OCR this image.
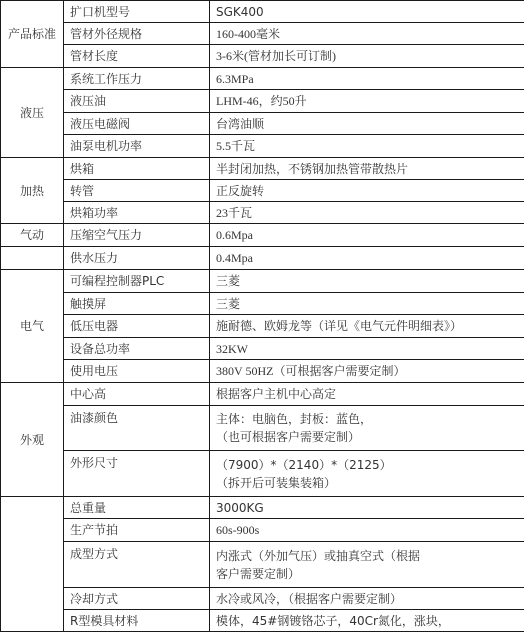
产品标准	扩口机型号	SGK400
	管材外径规格	160-400毫米
	管材长度	3-6米(管材加长可订制)
液压	系统工作压力	6.3MPa
	液压油	LHM-46，约50升
	液压电磁阀	台湾油顺
	油泵电机功率	5.5千瓦
加热	烘箱	半封闭加热，不锈钢加热管带散热片
	转管	正反旋转
	烘箱功率	23千瓦
气动	压缩空气压力	0.6Mpa
	供水压力	0.4Mpa
电气	可编程控制器PLC	三菱
	触摸屏	三菱
	低压电器	施耐德、欧姆龙等（详见《电气元件明细表》）
	设备总功率	32KW
	使用电压	380V 50HZ（可根据客户需要定制）
外观	中心高	根据客户主机中心高定
	油漆颜色	主体：电脑色，封板：蓝色，
（也可根据客户需要定制）
	外形尺寸	（7900）*（2140）*（2125）
（拆开后可装集装箱）
	总重量	3000KG
	生产节拍	60s-900s
	成型方式	内涨式（外加气压）或抽真空式（根据
客户需要定制）
	冷却方式	水冷或风冷，（根据客户需要定制）
	R型模具材料	模体，45#钢镀铬芯子，40Cr氮化，涨块，
